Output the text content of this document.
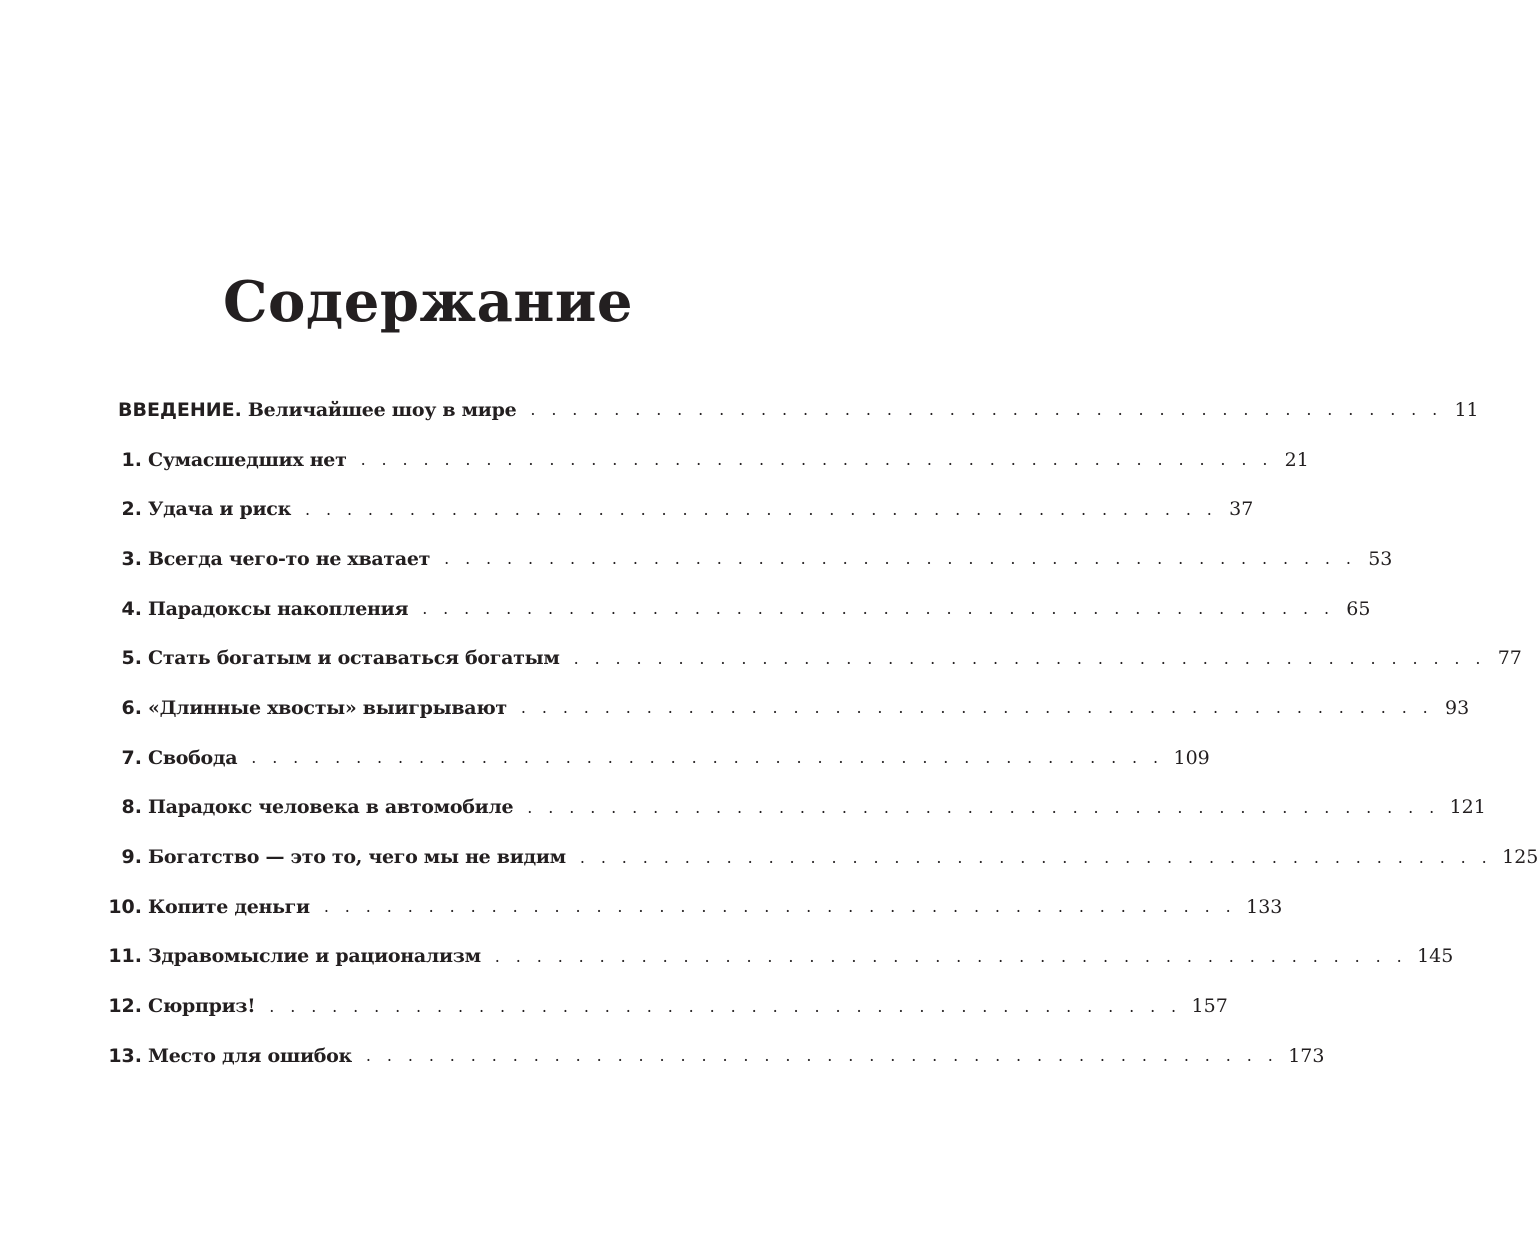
Содержание
ВВЕДЕНИЕ. Величайшее шоу в мире . . . . . . . . . . . . . . . . . . . . . . . . . . . . . . . . . . . . . . . . . . . . 11
1. Сумасшедших нет . . . . . . . . . . . . . . . . . . . . . . . . . . . . . . . . . . . . . . . . . . . . 21
2. Удача и риск . . . . . . . . . . . . . . . . . . . . . . . . . . . . . . . . . . . . . . . . . . . . 37
3. Всегда чего-то не хватает . . . . . . . . . . . . . . . . . . . . . . . . . . . . . . . . . . . . . . . . . . . . 53
4. Парадоксы накопления . . . . . . . . . . . . . . . . . . . . . . . . . . . . . . . . . . . . . . . . . . . . 65
5. Стать богатым и оставаться богатым . . . . . . . . . . . . . . . . . . . . . . . . . . . . . . . . . . . . . . . . . . . . 77
6. «Длинные хвосты» выигрывают . . . . . . . . . . . . . . . . . . . . . . . . . . . . . . . . . . . . . . . . . . . . 93
7. Свобода . . . . . . . . . . . . . . . . . . . . . . . . . . . . . . . . . . . . . . . . . . . . 109
8. Парадокс человека в автомобиле . . . . . . . . . . . . . . . . . . . . . . . . . . . . . . . . . . . . . . . . . . . . 121
9. Богатство — это то, чего мы не видим . . . . . . . . . . . . . . . . . . . . . . . . . . . . . . . . . . . . . . . . . . . . 125
10. Копите деньги . . . . . . . . . . . . . . . . . . . . . . . . . . . . . . . . . . . . . . . . . . . . 133
11. Здравомыслие и рационализм . . . . . . . . . . . . . . . . . . . . . . . . . . . . . . . . . . . . . . . . . . . . 145
12. Сюрприз! . . . . . . . . . . . . . . . . . . . . . . . . . . . . . . . . . . . . . . . . . . . . 157
13. Место для ошибок . . . . . . . . . . . . . . . . . . . . . . . . . . . . . . . . . . . . . . . . . . . . 173
